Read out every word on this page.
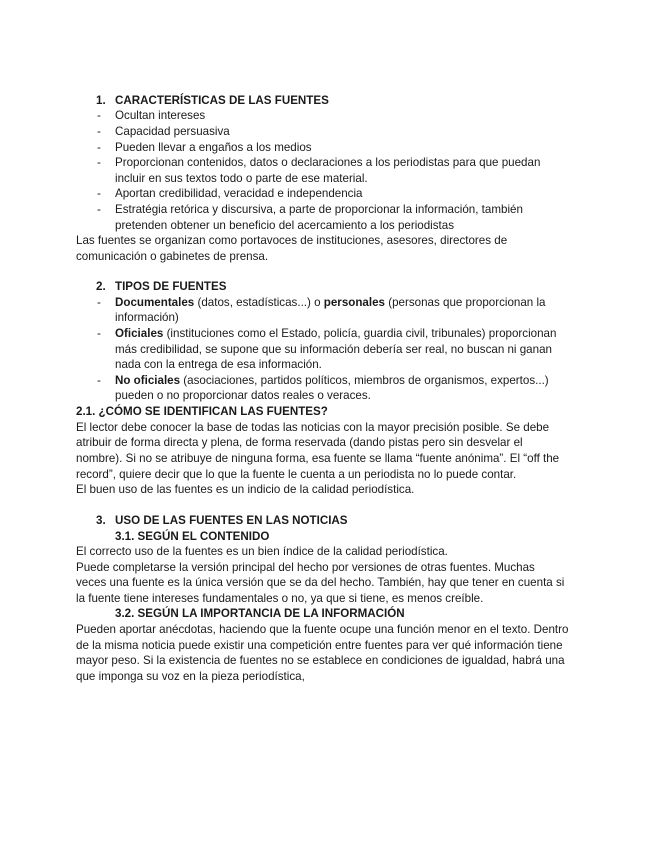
1. CARACTERÍSTICAS DE LAS FUENTES
- Ocultan intereses
- Capacidad persuasiva
- Pueden llevar a engaños a los medios
- Proporcionan contenidos, datos o declaraciones a los periodistas para que puedan
incluir en sus textos todo o parte de ese material.
- Aportan credibilidad, veracidad e independencia
- Estratégia retórica y discursiva, a parte de proporcionar la información, también
pretenden obtener un beneficio del acercamiento a los periodistas
Las fuentes se organizan como portavoces de instituciones, asesores, directores de
comunicación o gabinetes de prensa.
2. TIPOS DE FUENTES
- Documentales (datos, estadísticas...) o personales (personas que proporcionan la
información)
- Oficiales (instituciones como el Estado, policía, guardia civil, tribunales) proporcionan
más credibilidad, se supone que su información debería ser real, no buscan ni ganan
nada con la entrega de esa información.
- No oficiales (asociaciones, partidos políticos, miembros de organismos, expertos...)
pueden o no proporcionar datos reales o veraces.
2.1. ¿CÓMO SE IDENTIFICAN LAS FUENTES?
El lector debe conocer la base de todas las noticias con la mayor precisión posible. Se debe
atribuir de forma directa y plena, de forma reservada (dando pistas pero sin desvelar el
nombre). Si no se atribuye de ninguna forma, esa fuente se llama “fuente anónima”. El “off the
record”, quiere decir que lo que la fuente le cuenta a un periodista no lo puede contar.
El buen uso de las fuentes es un indicio de la calidad periodística.
3. USO DE LAS FUENTES EN LAS NOTICIAS
3.1. SEGÚN EL CONTENIDO
El correcto uso de la fuentes es un bien índice de la calidad periodística.
Puede completarse la versión principal del hecho por versiones de otras fuentes. Muchas
veces una fuente es la única versión que se da del hecho. También, hay que tener en cuenta si
la fuente tiene intereses fundamentales o no, ya que si tiene, es menos creíble.
3.2. SEGÚN LA IMPORTANCIA DE LA INFORMACIÓN
Pueden aportar anécdotas, haciendo que la fuente ocupe una función menor en el texto. Dentro
de la misma noticia puede existir una competición entre fuentes para ver qué información tiene
mayor peso. Si la existencia de fuentes no se establece en condiciones de igualdad, habrá una
que imponga su voz en la pieza periodística,
